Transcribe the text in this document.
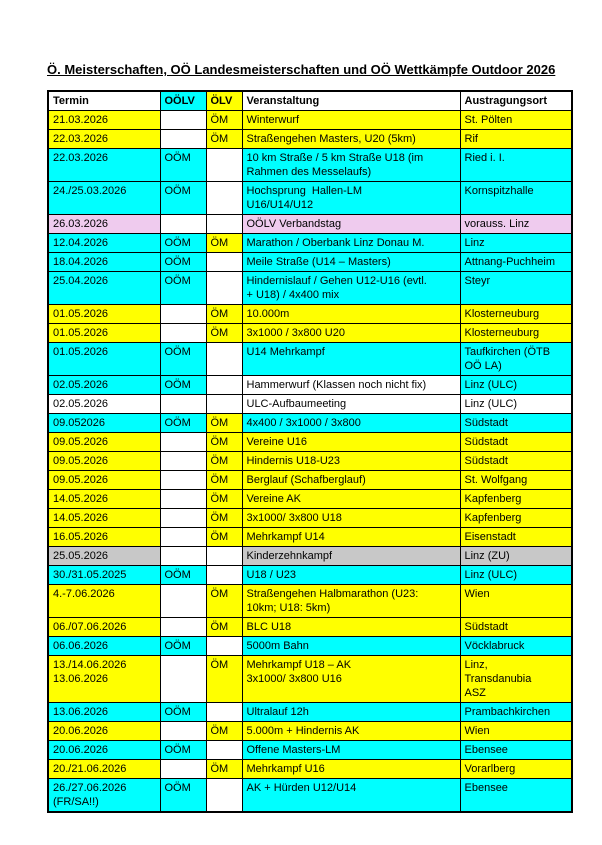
Ö. Meisterschaften, OÖ Landesmeisterschaften und OÖ Wettkämpfe Outdoor 2026
Termin	OÖLV	ÖLV	Veranstaltung	Austragungsort
21.03.2026		ÖM	Winterwurf	St. Pölten
22.03.2026		ÖM	Straßengehen Masters, U20 (5km)	Rif
22.03.2026	OÖM		10 km Straße / 5 km Straße U18 (im
Rahmen des Messelaufs)	Ried i. I.
24./25.03.2026	OÖM		Hochsprung  Hallen-LM
U16/U14/U12	Kornspitzhalle
26.03.2026			OÖLV Verbandstag	vorauss. Linz
12.04.2026	OÖM	ÖM	Marathon / Oberbank Linz Donau M.	Linz
18.04.2026	OÖM		Meile Straße (U14 – Masters)	Attnang-Puchheim
25.04.2026	OÖM		Hindernislauf / Gehen U12-U16 (evtl.
+ U18) / 4x400 mix	Steyr
01.05.2026		ÖM	10.000m	Klosterneuburg
01.05.2026		ÖM	3x1000 / 3x800 U20	Klosterneuburg
01.05.2026	OÖM		U14 Mehrkampf	Taufkirchen (ÖTB
OÖ LA)
02.05.2026	OÖM		Hammerwurf (Klassen noch nicht fix)	Linz (ULC)
02.05.2026			ULC-Aufbaumeeting	Linz (ULC)
09.052026	OÖM	ÖM	4x400 / 3x1000 / 3x800	Südstadt
09.05.2026		ÖM	Vereine U16	Südstadt
09.05.2026		ÖM	Hindernis U18-U23	Südstadt
09.05.2026		ÖM	Berglauf (Schafberglauf)	St. Wolfgang
14.05.2026		ÖM	Vereine AK	Kapfenberg
14.05.2026		ÖM	3x1000/ 3x800 U18	Kapfenberg
16.05.2026		ÖM	Mehrkampf U14	Eisenstadt
25.05.2026			Kinderzehnkampf	Linz (ZU)
30./31.05.2025	OÖM		U18 / U23	Linz (ULC)
4.-7.06.2026		ÖM	Straßengehen Halbmarathon (U23:
10km; U18: 5km)	Wien
06./07.06.2026		ÖM	BLC U18	Südstadt
06.06.2026	OÖM		5000m Bahn	Vöcklabruck
13./14.06.2026
13.06.2026		ÖM	Mehrkampf U18 – AK
3x1000/ 3x800 U16	Linz,
Transdanubia
ASZ
13.06.2026	OÖM		Ultralauf 12h	Prambachkirchen
20.06.2026		ÖM	5.000m + Hindernis AK	Wien
20.06.2026	OÖM		Offene Masters-LM	Ebensee
20./21.06.2026		ÖM	Mehrkampf U16	Vorarlberg
26./27.06.2026
(FR/SA!!)	OÖM		AK + Hürden U12/U14	Ebensee
